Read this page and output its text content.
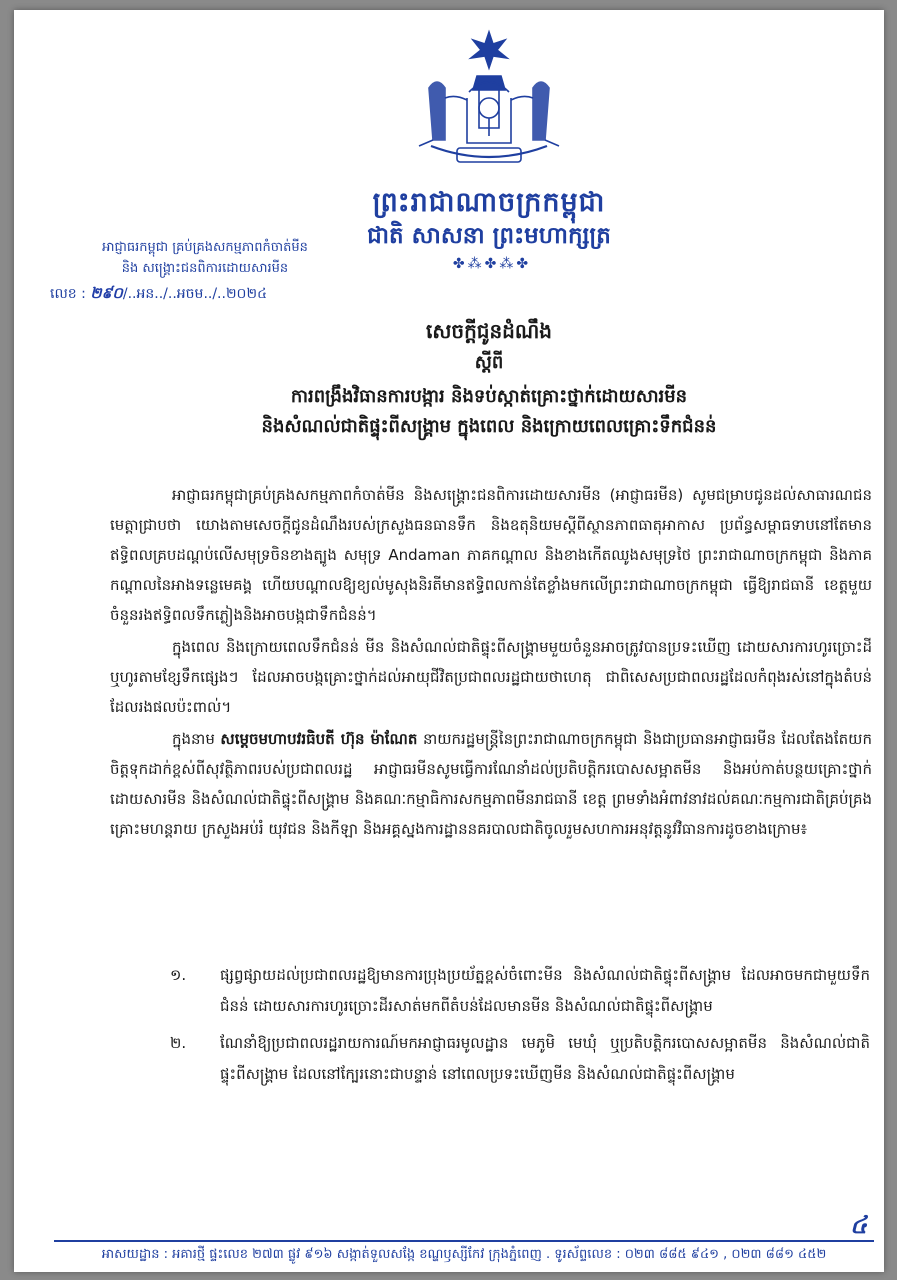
ព្រះរាជាណាចក្រកម្ពុជា
ជាតិ សាសនា ព្រះមហាក្សត្រ
✤⁂✤⁂✤
អាជ្ញាធរកម្ពុជា គ្រប់គ្រងសកម្មភាពកំចាត់មីន
និង សង្គ្រោះជនពិការដោយសារមីន
លេខ : ២៩០/..អន../..អចម../..២០២៤
សេចក្តីជូនដំណឹង
ស្តីពី
ការពង្រឹងវិធានការបង្ការ និងទប់ស្កាត់គ្រោះថ្នាក់ដោយសារមីន
និងសំណល់ជាតិផ្ទុះពីសង្គ្រាម ក្នុងពេល និងក្រោយពេលគ្រោះទឹកជំនន់

អាជ្ញាធរកម្ពុជាគ្រប់គ្រងសកម្មភាពកំចាត់មីន និងសង្គ្រោះជនពិការដោយសារមីន (អាជ្ញាធរមីន) សូមជម្រាបជូនដល់សាធារណជនមេត្តាជ្រាបថា យោងតាមសេចក្តីជូនដំណឹងរបស់ក្រសួងធនធានទឹក និងឧតុនិយមស្តីពីស្ថានភាពធាតុអាកាស ប្រព័ន្ធសម្ពាធទាបនៅតែមានឥទ្ធិពលគ្របដណ្តប់លើសមុទ្រចិនខាងត្បូង សមុទ្រ Andaman ភាគកណ្តាល និងខាងកើតឈូងសមុទ្រថៃ ព្រះរាជាណាចក្រកម្ពុជា និងភាគកណ្តាលនៃអាងទន្លេមេគង្គ ហើយបណ្តាលឱ្យខ្យល់មូសុងនិរតីមានឥទ្ធិពលកាន់តែខ្លាំងមកលើព្រះរាជាណាចក្រកម្ពុជា ធ្វើឱ្យរាជធានី ខេត្តមួយចំនួនរងឥទ្ធិពលទឹកភ្លៀងនិងអាចបង្កជាទឹកជំនន់។

ក្នុងពេល និងក្រោយពេលទឹកជំនន់ មីន និងសំណល់ជាតិផ្ទុះពីសង្គ្រាមមួយចំនួនអាចត្រូវបានប្រទះឃើញ ដោយសារការហូរច្រោះដី ឬហូរតាមខ្សែទឹកផ្សេងៗ ដែលអាចបង្កគ្រោះថ្នាក់ដល់អាយុជីវិតប្រជាពលរដ្ឋជាយថាហេតុ ជាពិសេសប្រជាពលរដ្ឋដែលកំពុងរស់នៅក្នុងតំបន់ដែលរងផលប៉ះពាល់។

ក្នុងនាម សម្តេចមហាបវរធិបតី ហ៊ុន ម៉ាណែត នាយករដ្ឋមន្ត្រីនៃព្រះរាជាណាចក្រកម្ពុជា និងជាប្រធានអាជ្ញាធរមីន ដែលតែងតែយកចិត្តទុកដាក់ខ្ពស់ពីសុវត្ថិភាពរបស់ប្រជាពលរដ្ឋ អាជ្ញាធរមីនសូមធ្វើការណែនាំដល់ប្រតិបត្តិករបោសសម្អាតមីន និងអប់កាត់បន្ថយគ្រោះថ្នាក់ដោយសារមីន និងសំណល់ជាតិផ្ទុះពីសង្គ្រាម និងគណៈកម្មាធិការសកម្មភាពមីនរាជធានី ខេត្ត ព្រមទាំងអំពាវនាវដល់គណៈកម្មការជាតិគ្រប់គ្រងគ្រោះមហន្តរាយ ក្រសួងអប់រំ យុវជន និងកីឡា និងអគ្គស្នងការដ្ឋាននគរបាលជាតិចូលរួមសហការអនុវត្តនូវវិធានការដូចខាងក្រោម៖

១.	ផ្សព្វផ្សាយដល់ប្រជាពលរដ្ឋឱ្យមានការប្រុងប្រយ័ត្នខ្ពស់ចំពោះមីន និងសំណល់ជាតិផ្ទុះពីសង្គ្រាម ដែលអាចមកជាមួយទឹកជំនន់ ដោយសារការហូរច្រោះដីរសាត់មកពីតំបន់ដែលមានមីន និងសំណល់ជាតិផ្ទុះពីសង្គ្រាម
២.	ណែនាំឱ្យប្រជាពលរដ្ឋរាយការណ៍មកអាជ្ញាធរមូលដ្ឋាន មេភូមិ មេឃុំ ឬប្រតិបត្តិករបោសសម្អាតមីន និងសំណល់ជាតិផ្ទុះពីសង្គ្រាម ដែលនៅក្បែរនោះជាបន្ទាន់ នៅពេលប្រទះឃើញមីន និងសំណល់ជាតិផ្ទុះពីសង្គ្រាម
៤
អាសយដ្ឋាន : អគារថ្មី ផ្ទះលេខ ២៧៣ ផ្លូវ ៩១៦ សង្កាត់ទួលសង្កែ ខណ្ឌឫស្សីកែវ ក្រុងភ្នំពេញ . ទូរស័ព្ទលេខ : ០២៣ ៨៨៥ ៩៤១ , ០២៣ ៨៨១ ៤៥២
